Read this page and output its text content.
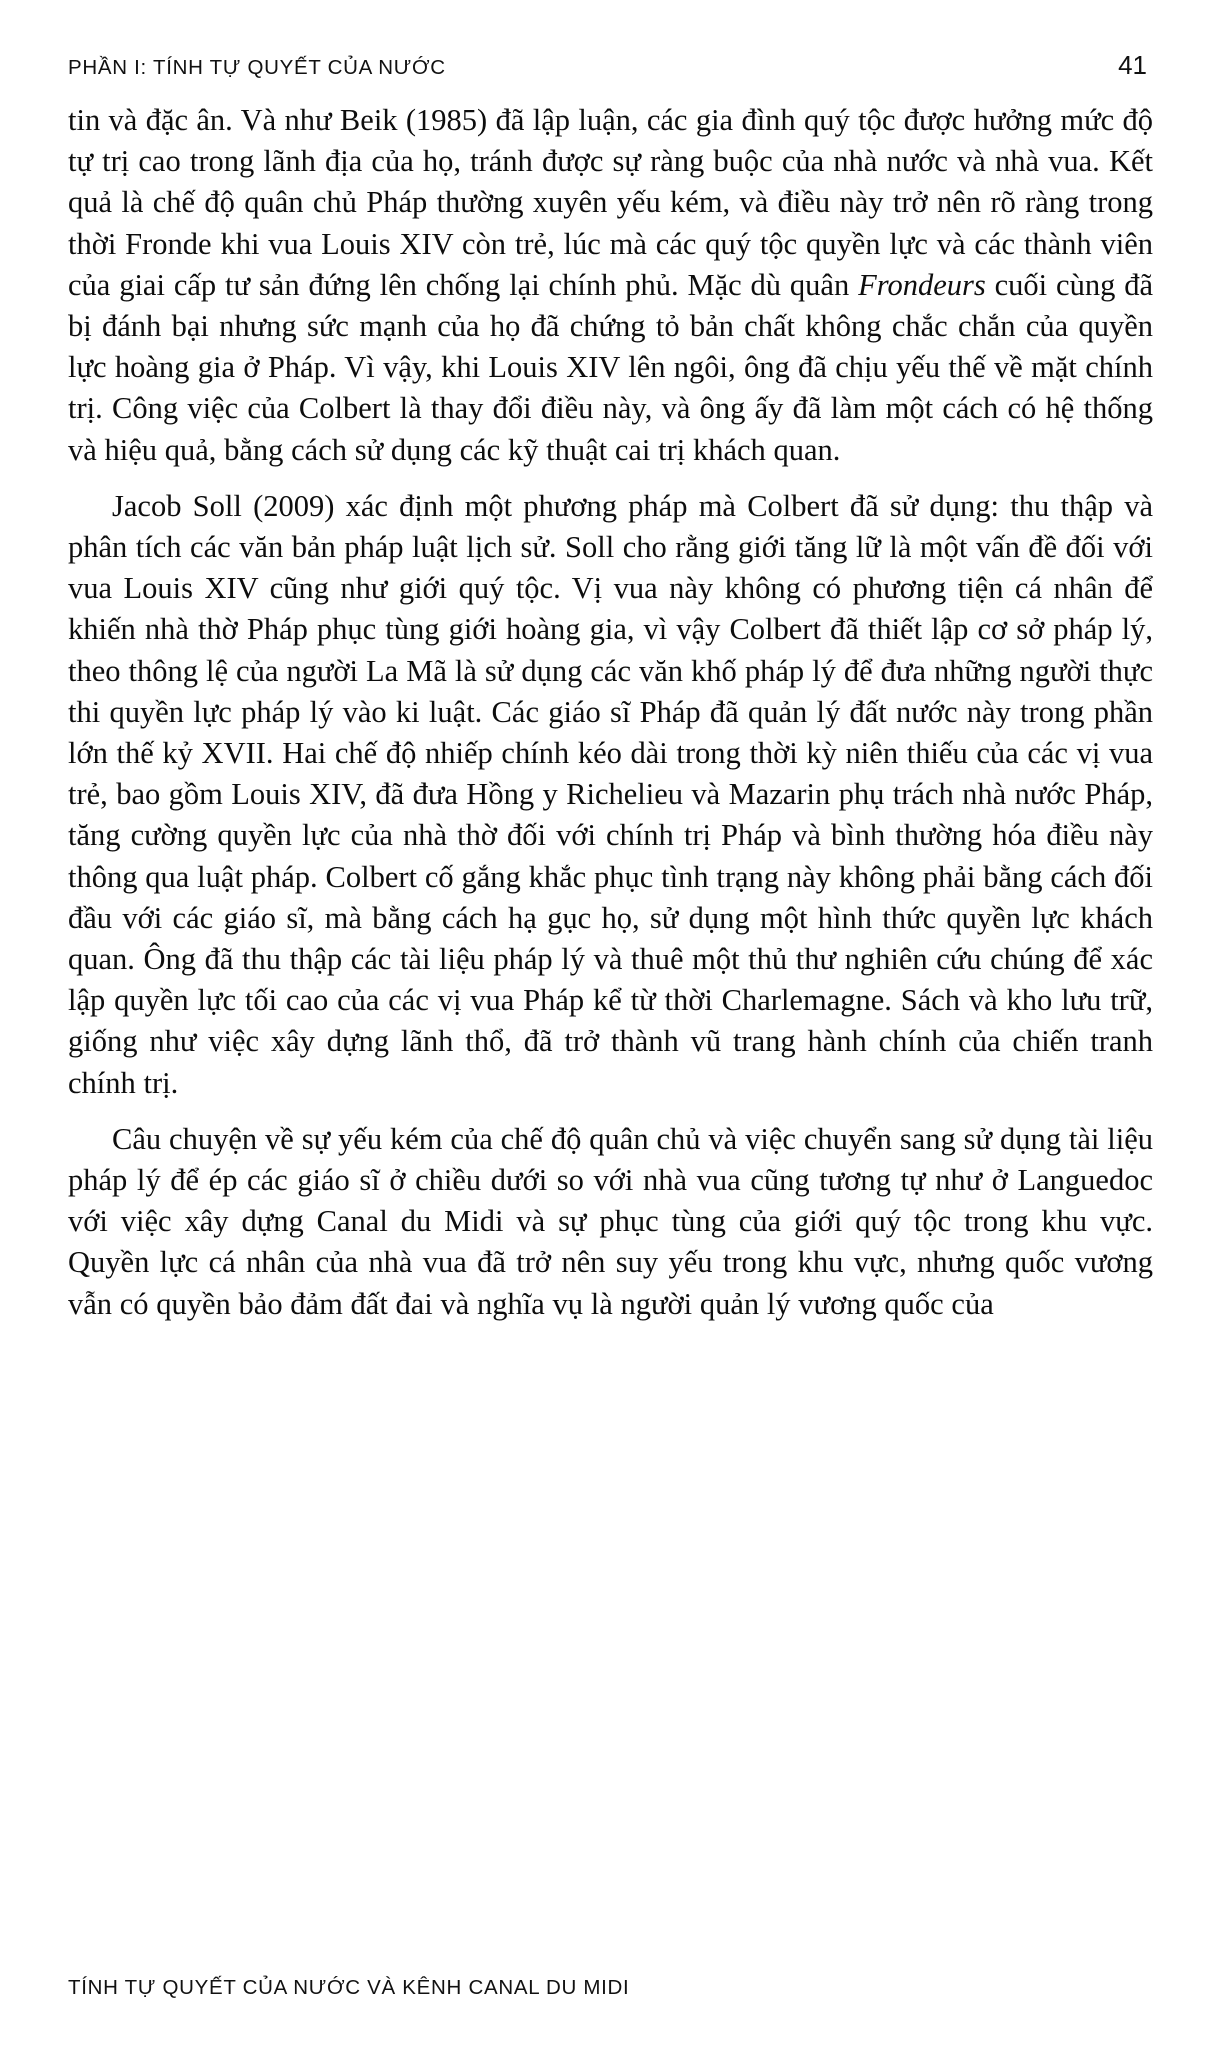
PHẦN I: TÍNH TỰ QUYẾT CỦA NƯỚC	41

tin và đặc ân. Và như Beik (1985) đã lập luận, các gia đình quý tộc được hưởng mức độ tự trị cao trong lãnh địa của họ, tránh được sự ràng buộc của nhà nước và nhà vua. Kết quả là chế độ quân chủ Pháp thường xuyên yếu kém, và điều này trở nên rõ ràng trong thời Fronde khi vua Louis XIV còn trẻ, lúc mà các quý tộc quyền lực và các thành viên của giai cấp tư sản đứng lên chống lại chính phủ. Mặc dù quân Frondeurs cuối cùng đã bị đánh bại nhưng sức mạnh của họ đã chứng tỏ bản chất không chắc chắn của quyền lực hoàng gia ở Pháp. Vì vậy, khi Louis XIV lên ngôi, ông đã chịu yếu thế về mặt chính trị. Công việc của Colbert là thay đổi điều này, và ông ấy đã làm một cách có hệ thống và hiệu quả, bằng cách sử dụng các kỹ thuật cai trị khách quan.

Jacob Soll (2009) xác định một phương pháp mà Colbert đã sử dụng: thu thập và phân tích các văn bản pháp luật lịch sử. Soll cho rằng giới tăng lữ là một vấn đề đối với vua Louis XIV cũng như giới quý tộc. Vị vua này không có phương tiện cá nhân để khiến nhà thờ Pháp phục tùng giới hoàng gia, vì vậy Colbert đã thiết lập cơ sở pháp lý, theo thông lệ của người La Mã là sử dụng các văn khố pháp lý để đưa những người thực thi quyền lực pháp lý vào ki luật. Các giáo sĩ Pháp đã quản lý đất nước này trong phần lớn thế kỷ XVII. Hai chế độ nhiếp chính kéo dài trong thời kỳ niên thiếu của các vị vua trẻ, bao gồm Louis XIV, đã đưa Hồng y Richelieu và Mazarin phụ trách nhà nước Pháp, tăng cường quyền lực của nhà thờ đối với chính trị Pháp và bình thường hóa điều này thông qua luật pháp. Colbert cố gắng khắc phục tình trạng này không phải bằng cách đối đầu với các giáo sĩ, mà bằng cách hạ gục họ, sử dụng một hình thức quyền lực khách quan. Ông đã thu thập các tài liệu pháp lý và thuê một thủ thư nghiên cứu chúng để xác lập quyền lực tối cao của các vị vua Pháp kể từ thời Charlemagne. Sách và kho lưu trữ, giống như việc xây dựng lãnh thổ, đã trở thành vũ trang hành chính của chiến tranh chính trị.

Câu chuyện về sự yếu kém của chế độ quân chủ và việc chuyển sang sử dụng tài liệu pháp lý để ép các giáo sĩ ở chiều dưới so với nhà vua cũng tương tự như ở Languedoc với việc xây dựng Canal du Midi và sự phục tùng của giới quý tộc trong khu vực. Quyền lực cá nhân của nhà vua đã trở nên suy yếu trong khu vực, nhưng quốc vương vẫn có quyền bảo đảm đất đai và nghĩa vụ là người quản lý vương quốc của

TÍNH TỰ QUYẾT CỦA NƯỚC VÀ KÊNH CANAL DU MIDI
